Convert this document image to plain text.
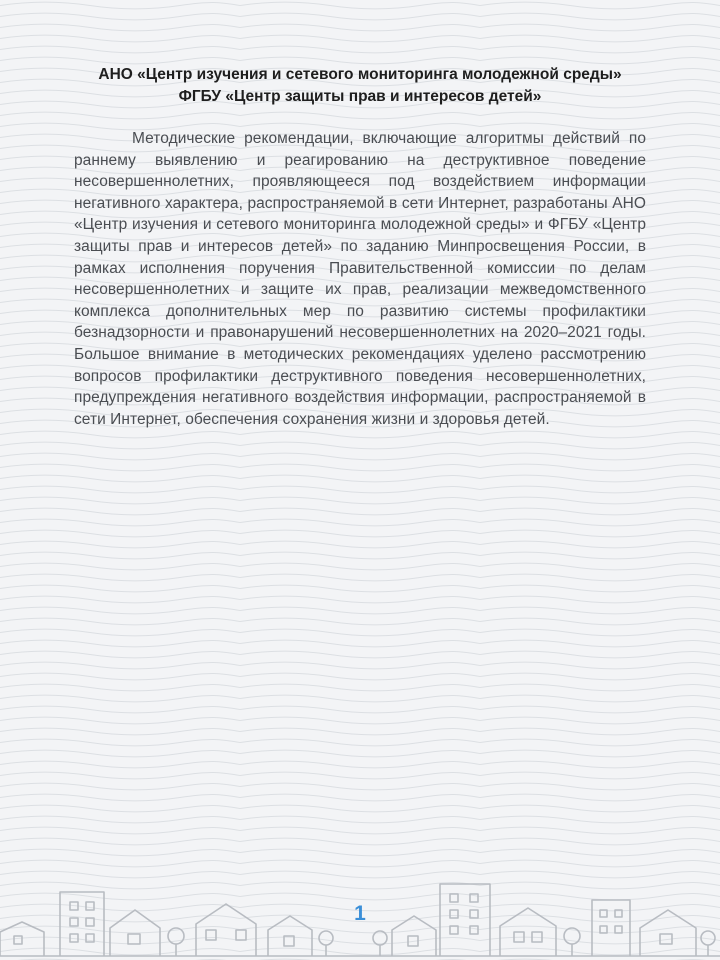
АНО «Центр изучения и сетевого мониторинга молодежной среды»
ФГБУ «Центр защиты прав и интересов детей»

Методические рекомендации, включающие алгоритмы действий по раннему выявлению и реагированию на деструктивное поведение несовершеннолетних, проявляющееся под воздействием информации негативного характера, распространяемой в сети Интернет, разработаны АНО «Центр изучения и сетевого мониторинга молодежной среды» и ФГБУ «Центр защиты прав и интересов детей» по заданию Минпросвещения России, в рамках исполнения поручения Правительственной комиссии по делам несовершеннолетних и защите их прав, реализации межведомственного комплекса дополнительных мер по развитию системы профилактики безнадзорности и правонарушений несовершеннолетних на 2020–2021 годы. Большое внимание в методических рекомендациях уделено рассмотрению вопросов профилактики деструктивного поведения несовершеннолетних, предупреждения негативного воздействия информации, распространяемой в сети Интернет, обеспечения сохранения жизни и здоровья детей.

1
